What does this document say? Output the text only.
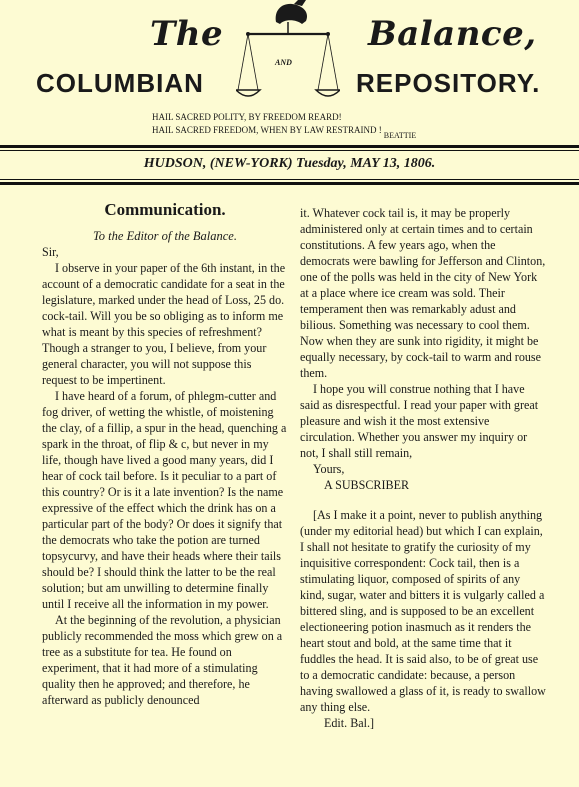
The	Balance,
COLUMBIAN	REPOSITORY.
AND
HAIL SACRED POLITY, BY FREEDOM REARD!
HAIL SACRED FREEDOM, WHEN BY LAW RESTRAIND !BEATTIE
HUDSON, (NEW-YORK) Tuesday, MAY 13, 1806.

Communication.

To the Editor of the Balance.

Sir,

I observe in your paper of the 6th instant, in the account of a democratic candidate for a seat in the legislature, marked under the head of Loss, 25 do. cock-tail. Will you be so obliging as to inform me what is meant by this species of refreshment? Though a stranger to you, I believe, from your general character, you will not suppose this request to be impertinent.

I have heard of a forum, of phlegm-cutter and fog driver, of wetting the whistle, of moistening the clay, of a fillip, a spur in the head, quenching a spark in the throat, of flip & c, but never in my life, though have lived a good many years, did I hear of cock tail before. Is it peculiar to a part of this country? Or is it a late invention? Is the name expressive of the effect which the drink has on a particular part of the body? Or does it signify that the democrats who take the potion are turned topsycurvy, and have their heads where their tails should be? I should think the latter to be the real solution; but am unwilling to determine finally until I receive all the information in my power.

At the beginning of the revolution, a physician publicly recommended the moss which grew on a tree as a substitute for tea. He found on experiment, that it had more of a stimulating quality then he approved; and therefore, he afterward as publicly denounced

it. Whatever cock tail is, it may be properly administered only at certain times and to certain constitutions. A few years ago, when the democrats were bawling for Jefferson and Clinton, one of the polls was held in the city of New York at a place where ice cream was sold. Their temperament then was remarkably adust and bilious. Something was necessary to cool them. Now when they are sunk into rigidity, it might be equally necessary, by cock-tail to warm and rouse them.

I hope you will construe nothing that I have said as disrespectful. I read your paper with great pleasure and wish it the most extensive circulation. Whether you answer my inquiry or not, I shall still remain,

Yours,

A SUBSCRIBER

[As I make it a point, never to publish anything (under my editorial head) but which I can explain, I shall not hesitate to gratify the curiosity of my inquisitive correspondent: Cock tail, then is a stimulating liquor, composed of spirits of any kind, sugar, water and bitters it is vulgarly called a bittered sling, and is supposed to be an excellent electioneering potion inasmuch as it renders the heart stout and bold, at the same time that it fuddles the head. It is said also, to be of great use to a democratic candidate: because, a person having swallowed a glass of it, is ready to swallow any thing else.

Edit. Bal.]
